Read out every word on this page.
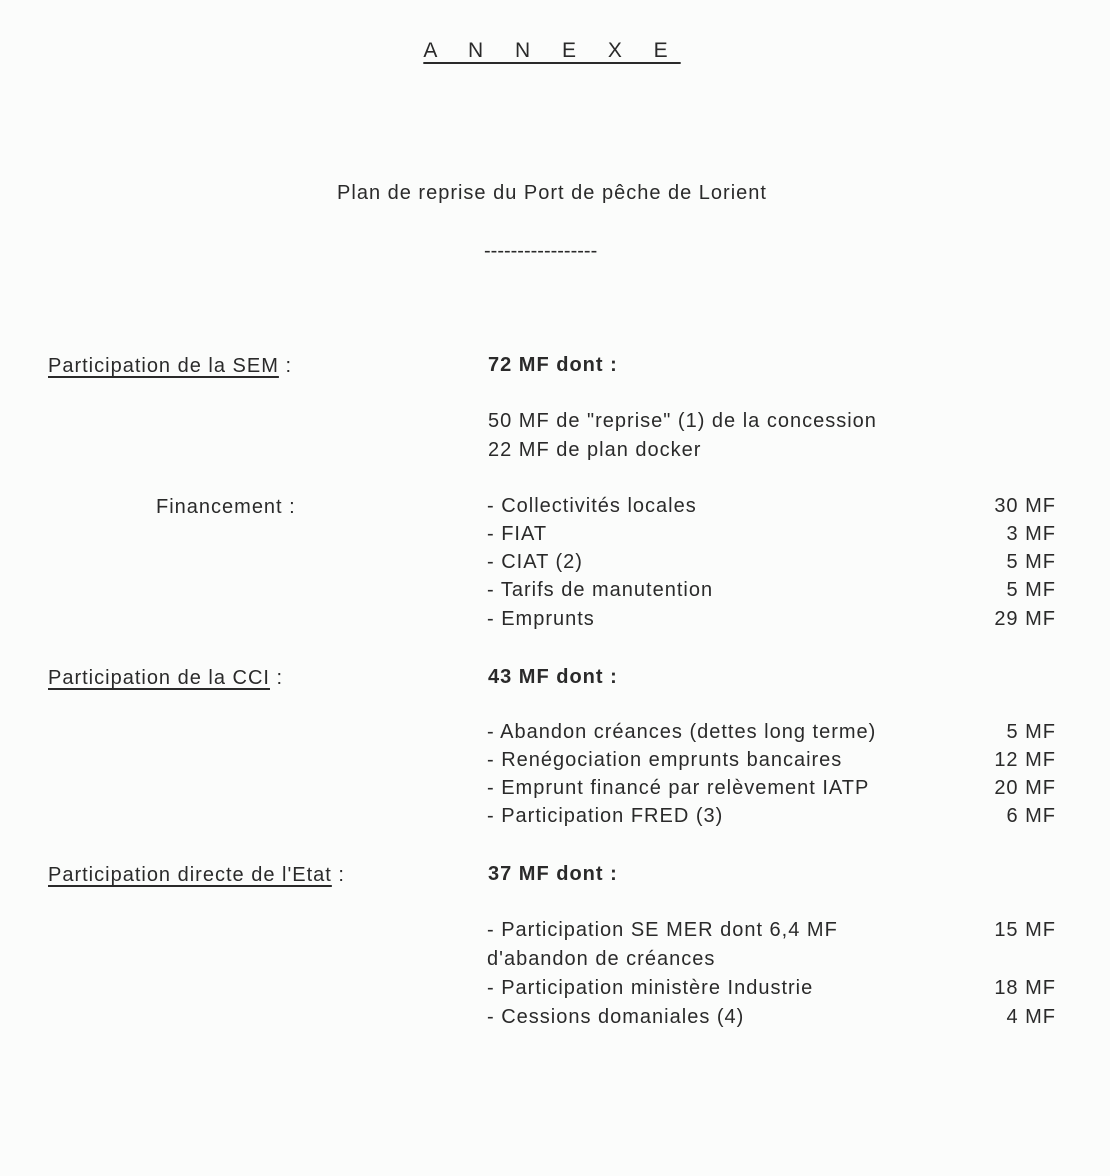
A N N E X E
Plan de reprise du Port de pêche de Lorient
-----------------
Participation de la SEM :	72 MF dont :
50 MF de "reprise" (1) de la concession
22 MF de plan docker
Financement :	- Collectivités locales	30 MF
- FIAT	3 MF
- CIAT (2)	5 MF
- Tarifs de manutention	5 MF
- Emprunts	29 MF
Participation de la CCI :	43 MF dont :
- Abandon créances (dettes long terme)	5 MF
- Renégociation emprunts bancaires	12 MF
- Emprunt financé par relèvement IATP	20 MF
- Participation FRED (3)	6 MF
Participation directe de l'Etat :	37 MF dont :
- Participation SE MER dont 6,4 MF	15 MF
d'abandon de créances
- Participation ministère Industrie	18 MF
- Cessions domaniales (4)	4 MF
